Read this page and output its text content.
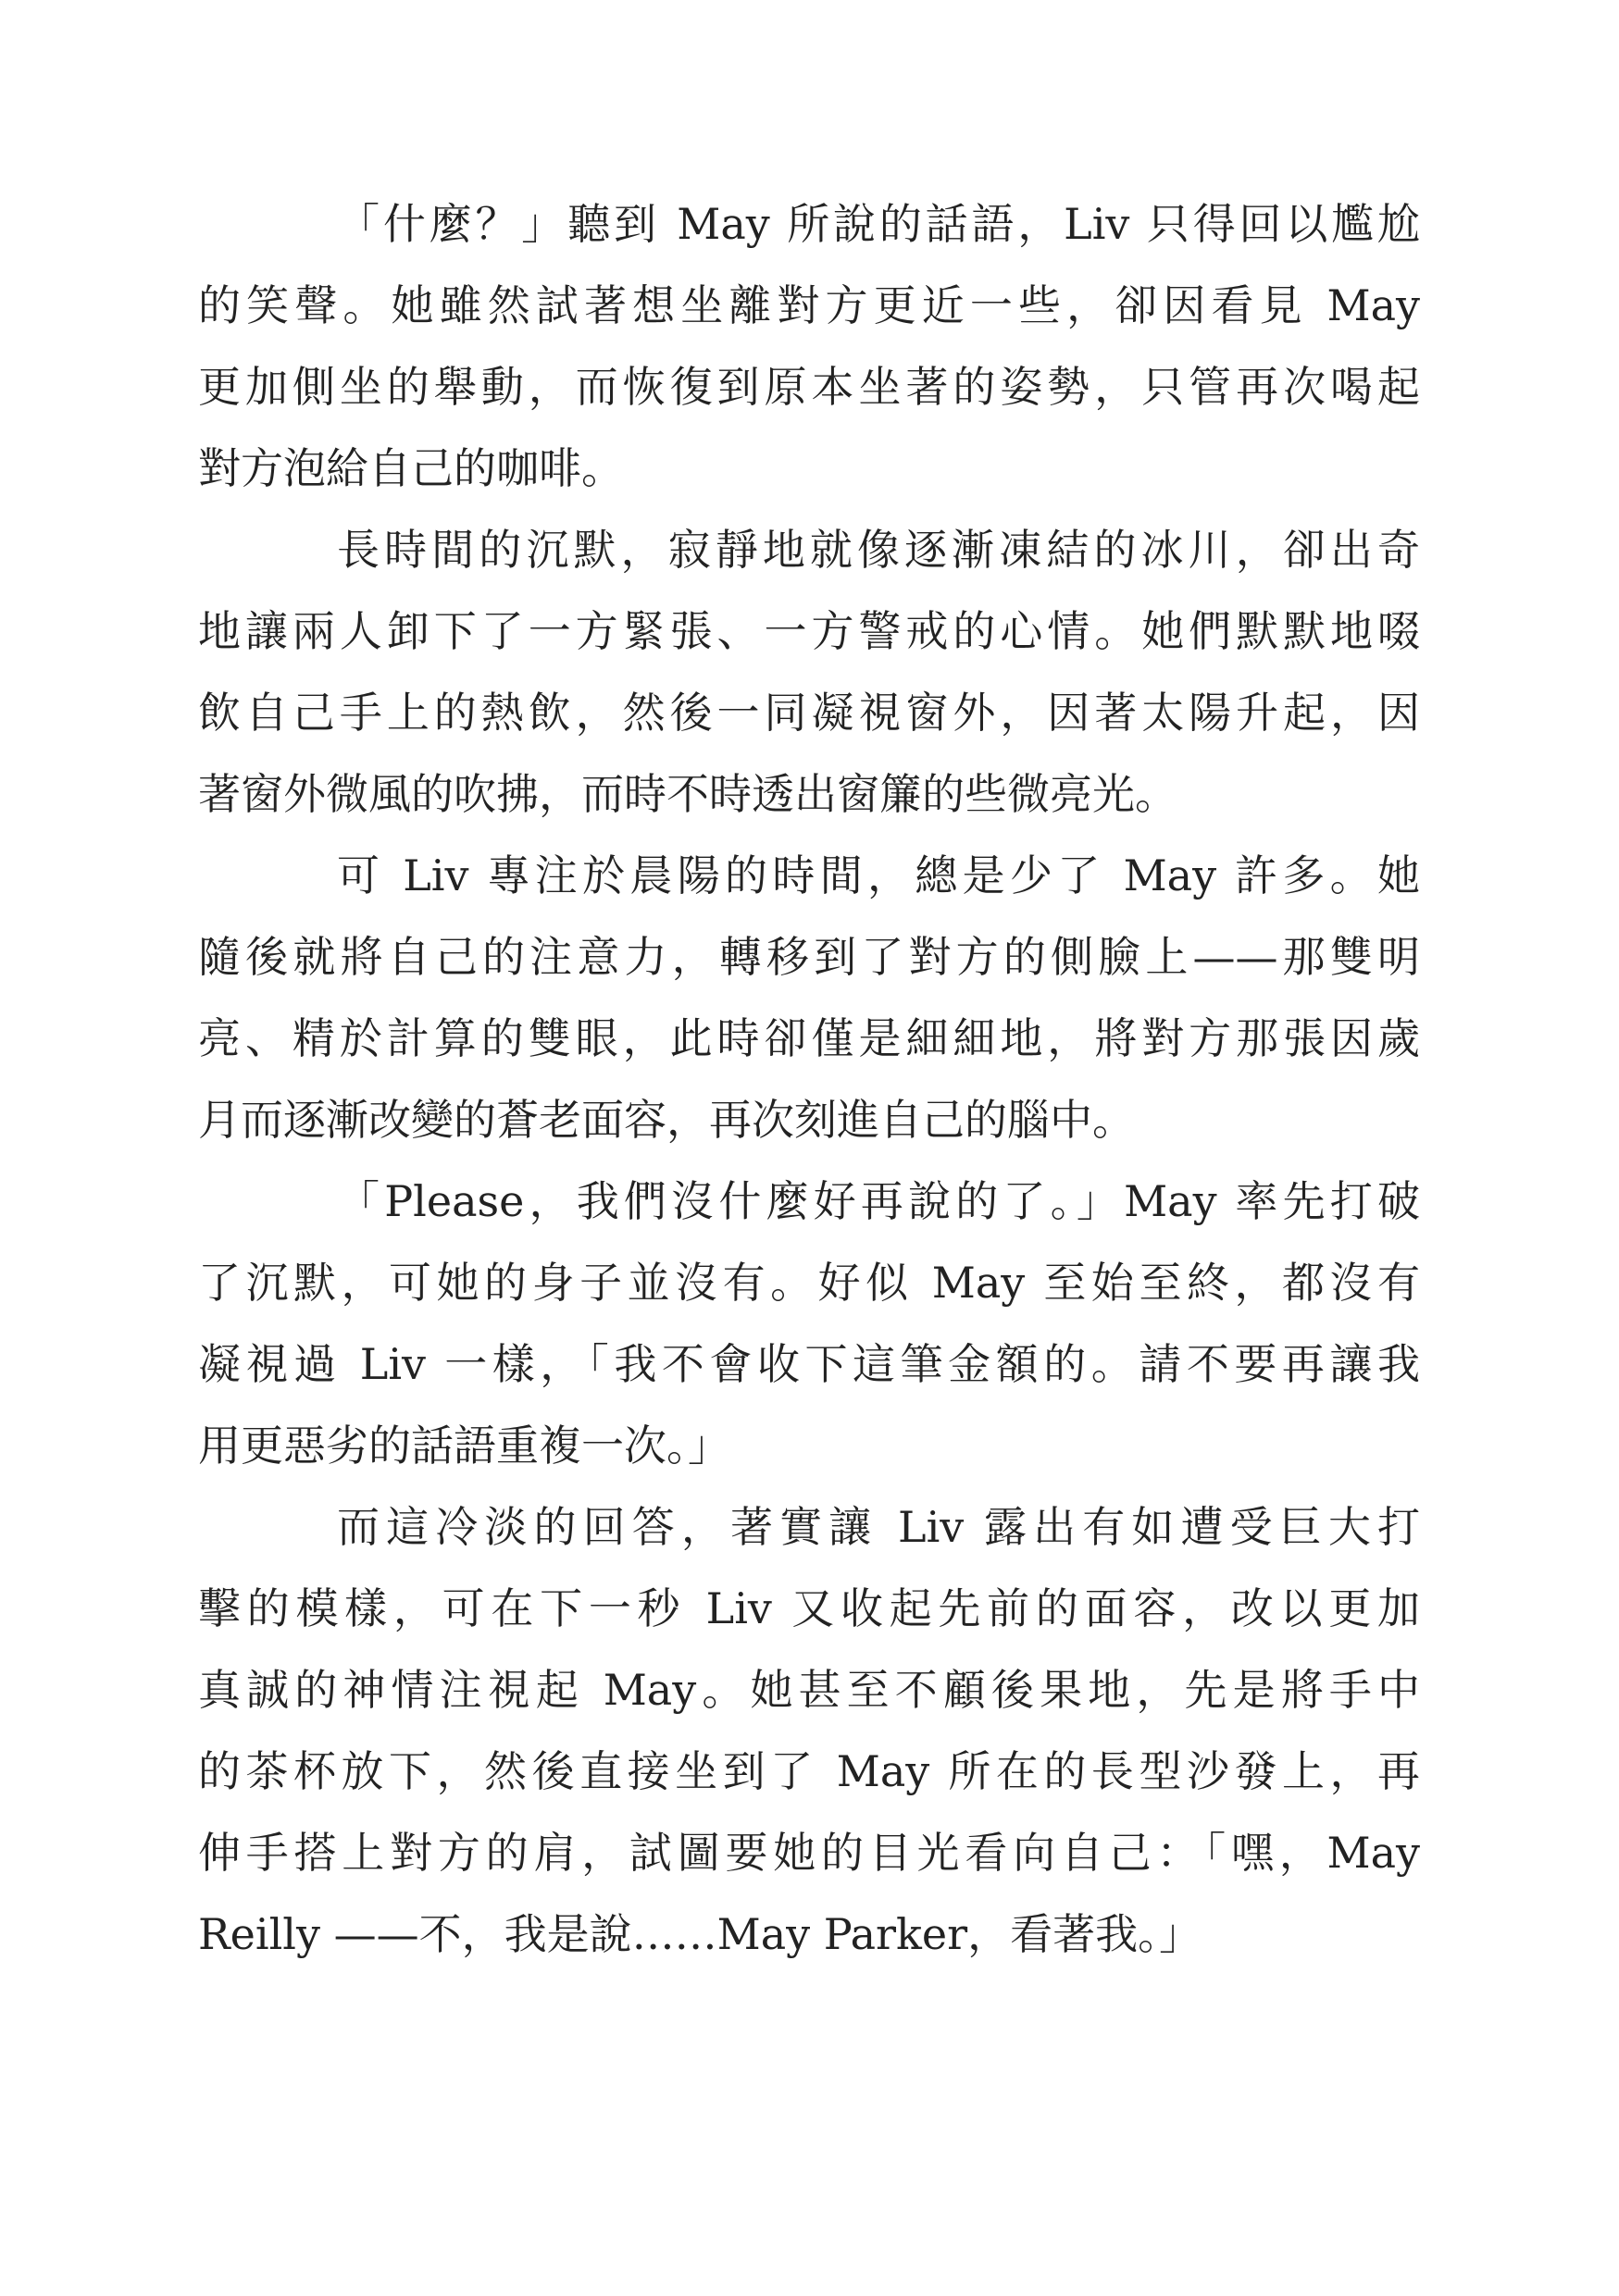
「什麼？」聽到 May 所說的話語，Liv 只得回以尷尬
的笑聲。她雖然試著想坐離對方更近一些，卻因看見 May
更加側坐的舉動，而恢復到原本坐著的姿勢，只管再次喝起
對方泡給自己的咖啡。
長時間的沉默，寂靜地就像逐漸凍結的冰川，卻出奇
地讓兩人卸下了一方緊張、一方警戒的心情。她們默默地啜
飲自己手上的熱飲，然後一同凝視窗外，因著太陽升起，因
著窗外微風的吹拂，而時不時透出窗簾的些微亮光。
可 Liv 專注於晨陽的時間，總是少了 May 許多。她
隨後就將自己的注意力，轉移到了對方的側臉上——那雙明
亮、精於計算的雙眼，此時卻僅是細細地，將對方那張因歲
月而逐漸改變的蒼老面容，再次刻進自己的腦中。
「Please，我們沒什麼好再說的了。」May 率先打破
了沉默，可她的身子並沒有。好似 May 至始至終，都沒有
凝視過 Liv 一樣，「我不會收下這筆金額的。請不要再讓我
用更惡劣的話語重複一次。」
而這冷淡的回答，著實讓 Liv 露出有如遭受巨大打
擊的模樣，可在下一秒 Liv 又收起先前的面容，改以更加
真誠的神情注視起 May。她甚至不顧後果地，先是將手中
的茶杯放下，然後直接坐到了 May 所在的長型沙發上，再
伸手搭上對方的肩，試圖要她的目光看向自己：「嘿，May
Reilly ——不，我是說……May Parker，看著我。」
